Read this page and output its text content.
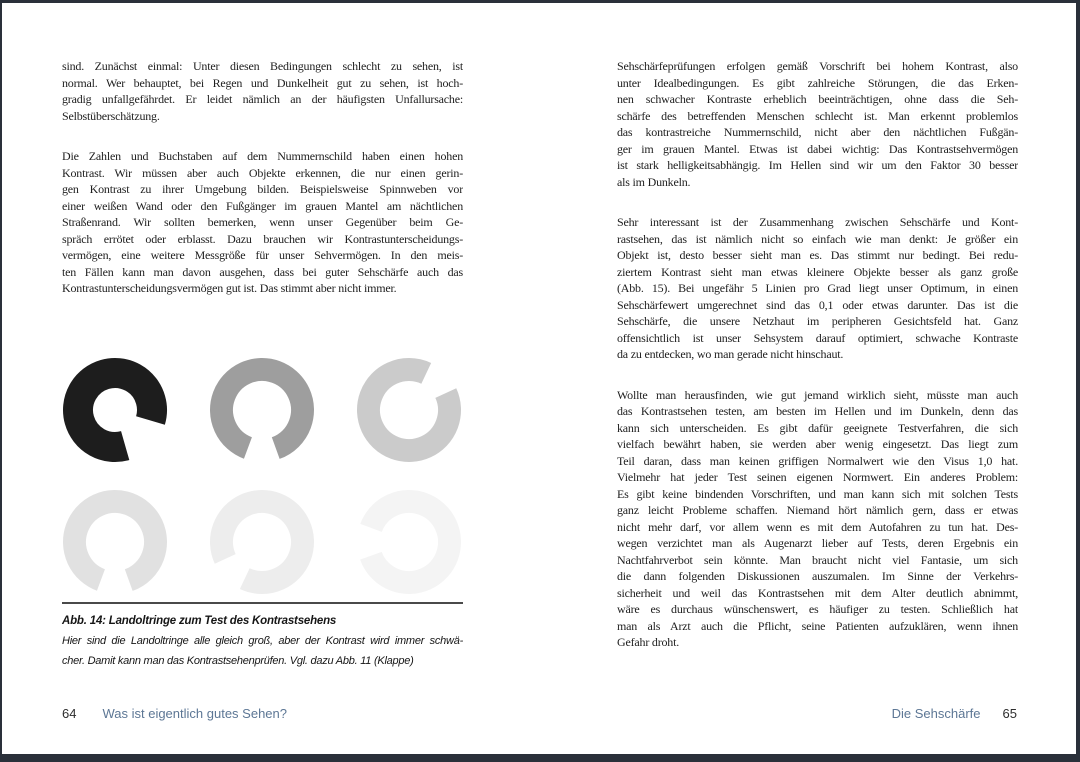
sind. Zunächst einmal: Unter diesen Bedingungen schlecht zu sehen, ist
normal. Wer behauptet, bei Regen und Dunkelheit gut zu sehen, ist hoch-
gradig unfallgefährdet. Er leidet nämlich an der häufigsten Unfallursache:
Selbstüberschätzung.
Die Zahlen und Buchstaben auf dem Nummernschild haben einen hohen
Kontrast. Wir müssen aber auch Objekte erkennen, die nur einen gerin-
gen Kontrast zu ihrer Umgebung bilden. Beispielsweise Spinnweben vor
einer weißen Wand oder den Fußgänger im grauen Mantel am nächtlichen
Straßenrand. Wir sollten bemerken, wenn unser Gegenüber beim Ge-
spräch errötet oder erblasst. Dazu brauchen wir Kontrastunterscheidungs-
vermögen, eine weitere Messgröße für unser Sehvermögen. In den meis-
ten Fällen kann man davon ausgehen, dass bei guter Sehschärfe auch das
Kontrastunterscheidungsvermögen gut ist. Das stimmt aber nicht immer.
Abb. 14: Landoltringe zum Test des Kontrastsehens
Hier sind die Landoltringe alle gleich groß, aber der Kontrast wird immer schwä-
cher. Damit kann man das Kontrastsehenprüfen. Vgl. dazu Abb. 11 (Klappe)
Sehschärfeprüfungen erfolgen gemäß Vorschrift bei hohem Kontrast, also
unter Idealbedingungen. Es gibt zahlreiche Störungen, die das Erken-
nen schwacher Kontraste erheblich beeinträchtigen, ohne dass die Seh-
schärfe des betreffenden Menschen schlecht ist. Man erkennt problemlos
das kontrastreiche Nummernschild, nicht aber den nächtlichen Fußgän-
ger im grauen Mantel. Etwas ist dabei wichtig: Das Kontrastsehvermögen
ist stark helligkeitsabhängig. Im Hellen sind wir um den Faktor 30 besser
als im Dunkeln.
Sehr interessant ist der Zusammenhang zwischen Sehschärfe und Kont-
rastsehen, das ist nämlich nicht so einfach wie man denkt: Je größer ein
Objekt ist, desto besser sieht man es. Das stimmt nur bedingt. Bei redu-
ziertem Kontrast sieht man etwas kleinere Objekte besser als ganz große
(Abb. 15). Bei ungefähr 5 Linien pro Grad liegt unser Optimum, in einen
Sehschärfewert umgerechnet sind das 0,1 oder etwas darunter. Das ist die
Sehschärfe, die unsere Netzhaut im peripheren Gesichtsfeld hat. Ganz
offensichtlich ist unser Sehsystem darauf optimiert, schwache Kontraste
da zu entdecken, wo man gerade nicht hinschaut.
Wollte man herausfinden, wie gut jemand wirklich sieht, müsste man auch
das Kontrastsehen testen, am besten im Hellen und im Dunkeln, denn das
kann sich unterscheiden. Es gibt dafür geeignete Testverfahren, die sich
vielfach bewährt haben, sie werden aber wenig eingesetzt. Das liegt zum
Teil daran, dass man keinen griffigen Normalwert wie den Visus 1,0 hat.
Vielmehr hat jeder Test seinen eigenen Normwert. Ein anderes Problem:
Es gibt keine bindenden Vorschriften, und man kann sich mit solchen Tests
ganz leicht Probleme schaffen. Niemand hört nämlich gern, dass er etwas
nicht mehr darf, vor allem wenn es mit dem Autofahren zu tun hat. Des-
wegen verzichtet man als Augenarzt lieber auf Tests, deren Ergebnis ein
Nachtfahrverbot sein könnte. Man braucht nicht viel Fantasie, um sich
die dann folgenden Diskussionen auszumalen. Im Sinne der Verkehrs-
sicherheit und weil das Kontrastsehen mit dem Alter deutlich abnimmt,
wäre es durchaus wünschenswert, es häufiger zu testen. Schließlich hat
man als Arzt auch die Pflicht, seine Patienten aufzuklären, wenn ihnen
Gefahr droht.
64 Was ist eigentlich gutes Sehen?	Die Sehschärfe 65
